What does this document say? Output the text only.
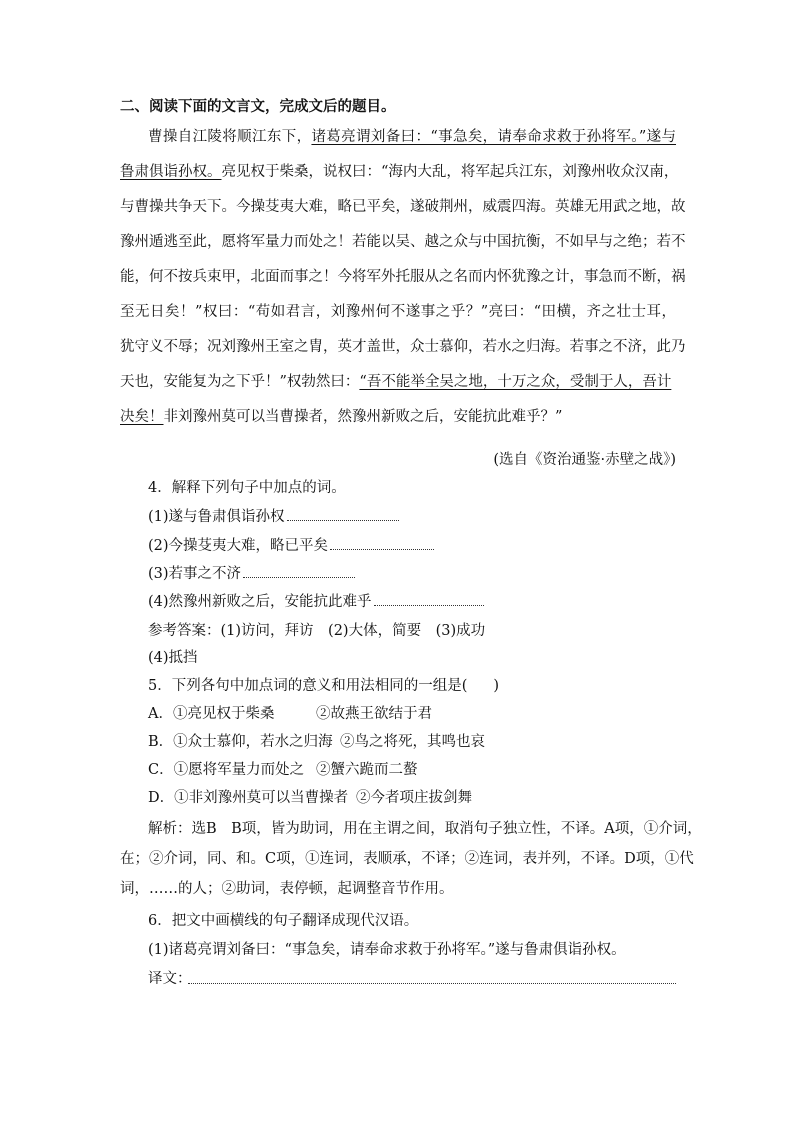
二、阅读下面的文言文，完成文后的题目。
曹操自江陵将顺江东下，诸葛亮谓刘备曰：“事急矣，请奉命求救于孙将军。”遂与
鲁肃俱诣孙权。亮见权于柴桑，说权曰：“海内大乱，将军起兵江东，刘豫州收众汉南，
与曹操共争天下。今操芟夷大难，略已平矣，遂破荆州，威震四海。英雄无用武之地，故
豫州遁逃至此，愿将军量力而处之！若能以吴、越之众与中国抗衡，不如早与之绝；若不
能，何不按兵束甲，北面而事之！今将军外托服从之名而内怀犹豫之计，事急而不断，祸
至无日矣！”权曰：“苟如君言，刘豫州何不遂事之乎？”亮曰：“田横，齐之壮士耳，
犹守义不辱；况刘豫州王室之胄，英才盖世，众士慕仰，若水之归海。若事之不济，此乃
天也，安能复为之下乎！”权勃然曰：“吾不能举全吴之地，十万之众，受制于人，吾计
决矣！非刘豫州莫可以当曹操者，然豫州新败之后，安能抗此难乎？”
(选自《资治通鉴·赤壁之战》)
4．解释下列句子中加点的词。
(1)遂与鲁肃俱诣孙权
(2)今操芟夷大难，略已平矣
(3)若事之不济
(4)然豫州新败之后，安能抗此难乎
参考答案：(1)访问，拜访　(2)大体，简要　(3)成功
(4)抵挡
5．下列各句中加点词的意义和用法相同的一组是( )
A．①亮见权于柴桑	②故燕王欲结于君
B．①众士慕仰，若水之归海 ②鸟之将死，其鸣也哀
C．①愿将军量力而处之 ②蟹六跪而二螯
D．①非刘豫州莫可以当曹操者 ②今者项庄拔剑舞
解析：选B　B项，皆为助词，用在主谓之间，取消句子独立性，不译。A项，①介词，
在；②介词，同、和。C项，①连词，表顺承，不译；②连词，表并列，不译。D项，①代
词，……的人；②助词，表停顿，起调整音节作用。
6．把文中画横线的句子翻译成现代汉语。
(1)诸葛亮谓刘备曰：“事急矣，请奉命求救于孙将军。”遂与鲁肃俱诣孙权。
译文：
